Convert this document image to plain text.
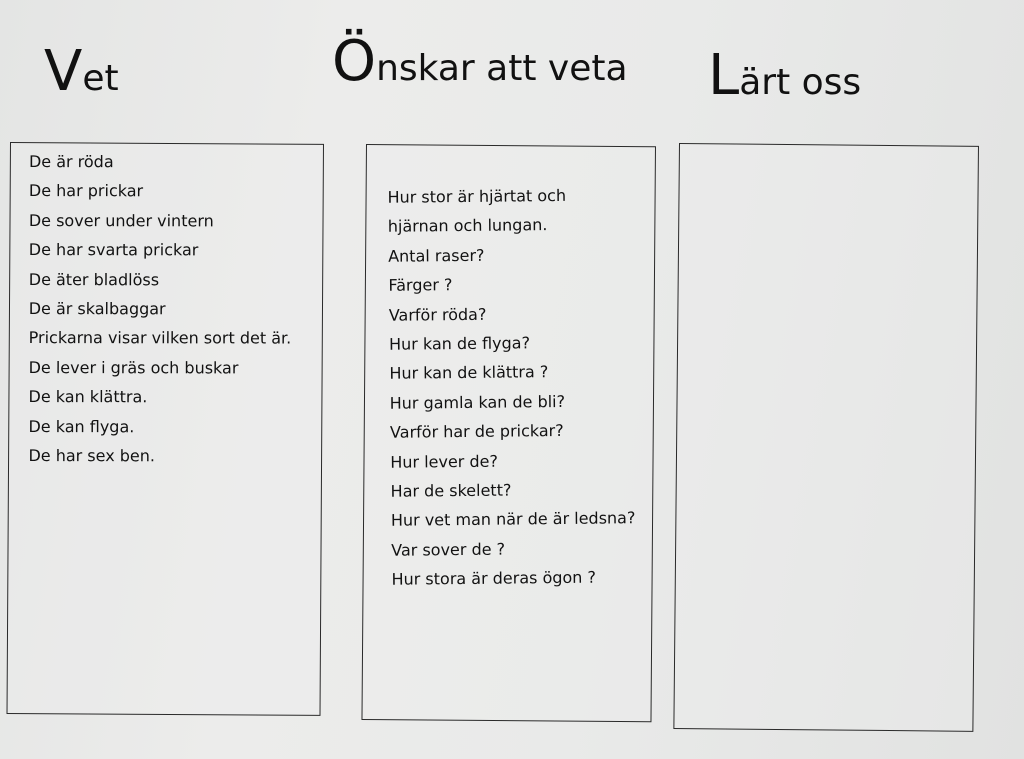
V et	Ö nskar att veta L ärt oss
De är röda
De har prickar
De sover under vintern
De har svarta prickar
De äter bladlöss
De är skalbaggar
Prickarna visar vilken sort det är.
De lever i gräs och buskar
De kan klättra.
De kan flyga.
De har sex ben.
Hur stor är hjärtat och
hjärnan och lungan.
Antal raser?
Färger ?
Varför röda?
Hur kan de flyga?
Hur kan de klättra ?
Hur gamla kan de bli?
Varför har de prickar?
Hur lever de?
Har de skelett?
Hur vet man när de är ledsna?
Var sover de ?
Hur stora är deras ögon ?
